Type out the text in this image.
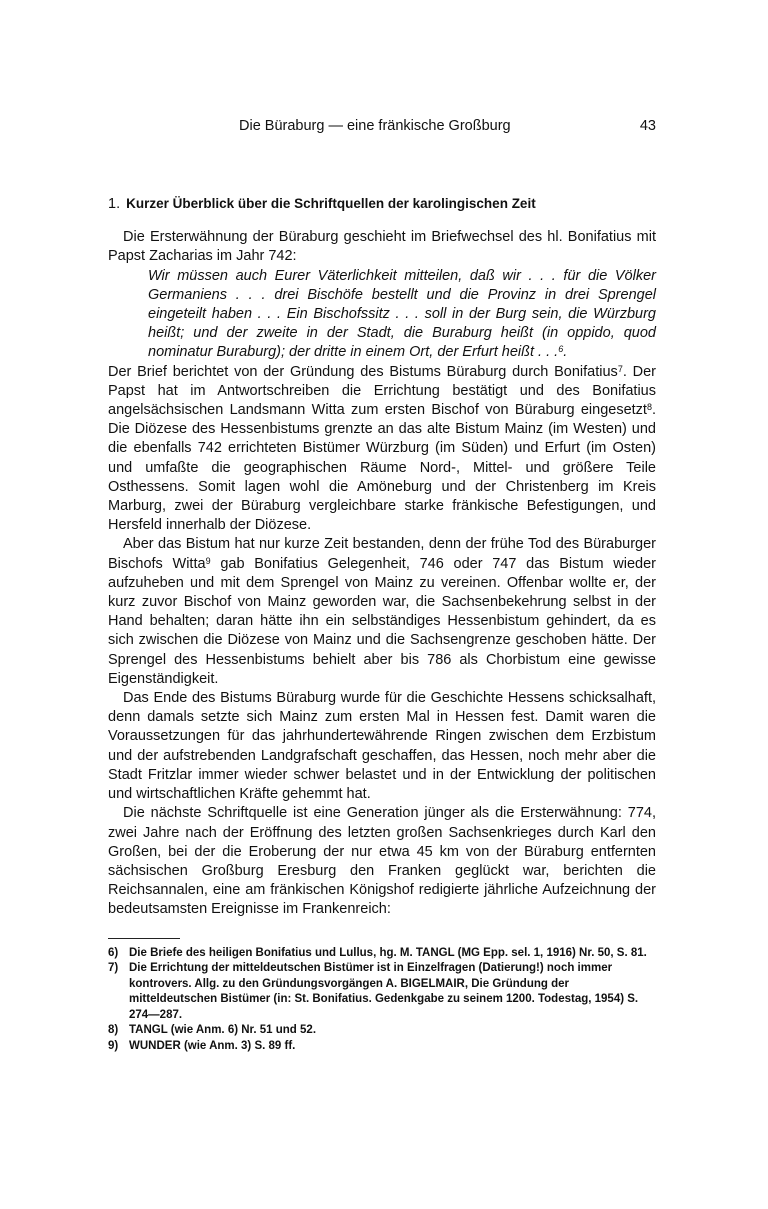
Die Büraburg — eine fränkische Großburg	43
1. Kurzer Überblick über die Schriftquellen der karolingischen Zeit

Die Ersterwähnung der Büraburg geschieht im Briefwechsel des hl. Bonifatius mit Papst Zacharias im Jahr 742:

Wir müssen auch Eurer Väterlichkeit mitteilen, daß wir . . . für die Völker Germaniens . . . drei Bischöfe bestellt und die Provinz in drei Sprengel eingeteilt haben . . . Ein Bischofssitz . . . soll in der Burg sein, die Würzburg heißt; und der zweite in der Stadt, die Buraburg heißt (in oppido, quod nominatur Buraburg); der dritte in einem Ort, der Erfurt heißt . . .$^6$.

Der Brief berichtet von der Gründung des Bistums Büraburg durch Bonifatius$^7$. Der Papst hat im Antwortschreiben die Errichtung bestätigt und des Bonifatius angelsächsischen Landsmann Witta zum ersten Bischof von Büraburg eingesetzt$^8$. Die Diözese des Hessenbistums grenzte an das alte Bistum Mainz (im Westen) und die ebenfalls 742 errichteten Bistümer Würzburg (im Süden) und Erfurt (im Osten) und umfaßte die geographischen Räume Nord-, Mittel- und größere Teile Osthessens. Somit lagen wohl die Amöneburg und der Christenberg im Kreis Marburg, zwei der Büraburg vergleichbare starke fränkische Befestigungen, und Hersfeld innerhalb der Diözese.

Aber das Bistum hat nur kurze Zeit bestanden, denn der frühe Tod des Büraburger Bischofs Witta$^9$ gab Bonifatius Gelegenheit, 746 oder 747 das Bistum wieder aufzuheben und mit dem Sprengel von Mainz zu vereinen. Offenbar wollte er, der kurz zuvor Bischof von Mainz geworden war, die Sachsenbekehrung selbst in der Hand behalten; daran hätte ihn ein selbständiges Hessenbistum gehindert, da es sich zwischen die Diözese von Mainz und die Sachsengrenze geschoben hätte. Der Sprengel des Hessenbistums behielt aber bis 786 als Chorbistum eine gewisse Eigenständigkeit.

Das Ende des Bistums Büraburg wurde für die Geschichte Hessens schicksalhaft, denn damals setzte sich Mainz zum ersten Mal in Hessen fest. Damit waren die Voraussetzungen für das jahrhundertewährende Ringen zwischen dem Erzbistum und der aufstrebenden Landgrafschaft geschaffen, das Hessen, noch mehr aber die Stadt Fritzlar immer wieder schwer belastet und in der Entwicklung der politischen und wirtschaftlichen Kräfte gehemmt hat.

Die nächste Schriftquelle ist eine Generation jünger als die Ersterwähnung: 774, zwei Jahre nach der Eröffnung des letzten großen Sachsenkrieges durch Karl den Großen, bei der die Eroberung der nur etwa 45 km von der Büraburg entfernten sächsischen Großburg Eresburg den Franken geglückt war, berichten die Reichsannalen, eine am fränkischen Königshof redigierte jährliche Aufzeichnung der bedeutsamsten Ereignisse im Frankenreich:

6) Die Briefe des heiligen Bonifatius und Lullus, hg. M. TANGL (MG Epp. sel. 1, 1916) Nr. 50, S. 81.
7) Die Errichtung der mitteldeutschen Bistümer ist in Einzelfragen (Datierung!) noch immer kontrovers. Allg. zu den Gründungsvorgängen A. BIGELMAIR, Die Gründung der mitteldeutschen Bistümer (in: St. Bonifatius. Gedenkgabe zu seinem 1200. Todestag, 1954) S. 274—287.
8) TANGL (wie Anm. 6) Nr. 51 und 52.
9) WUNDER (wie Anm. 3) S. 89 ff.
